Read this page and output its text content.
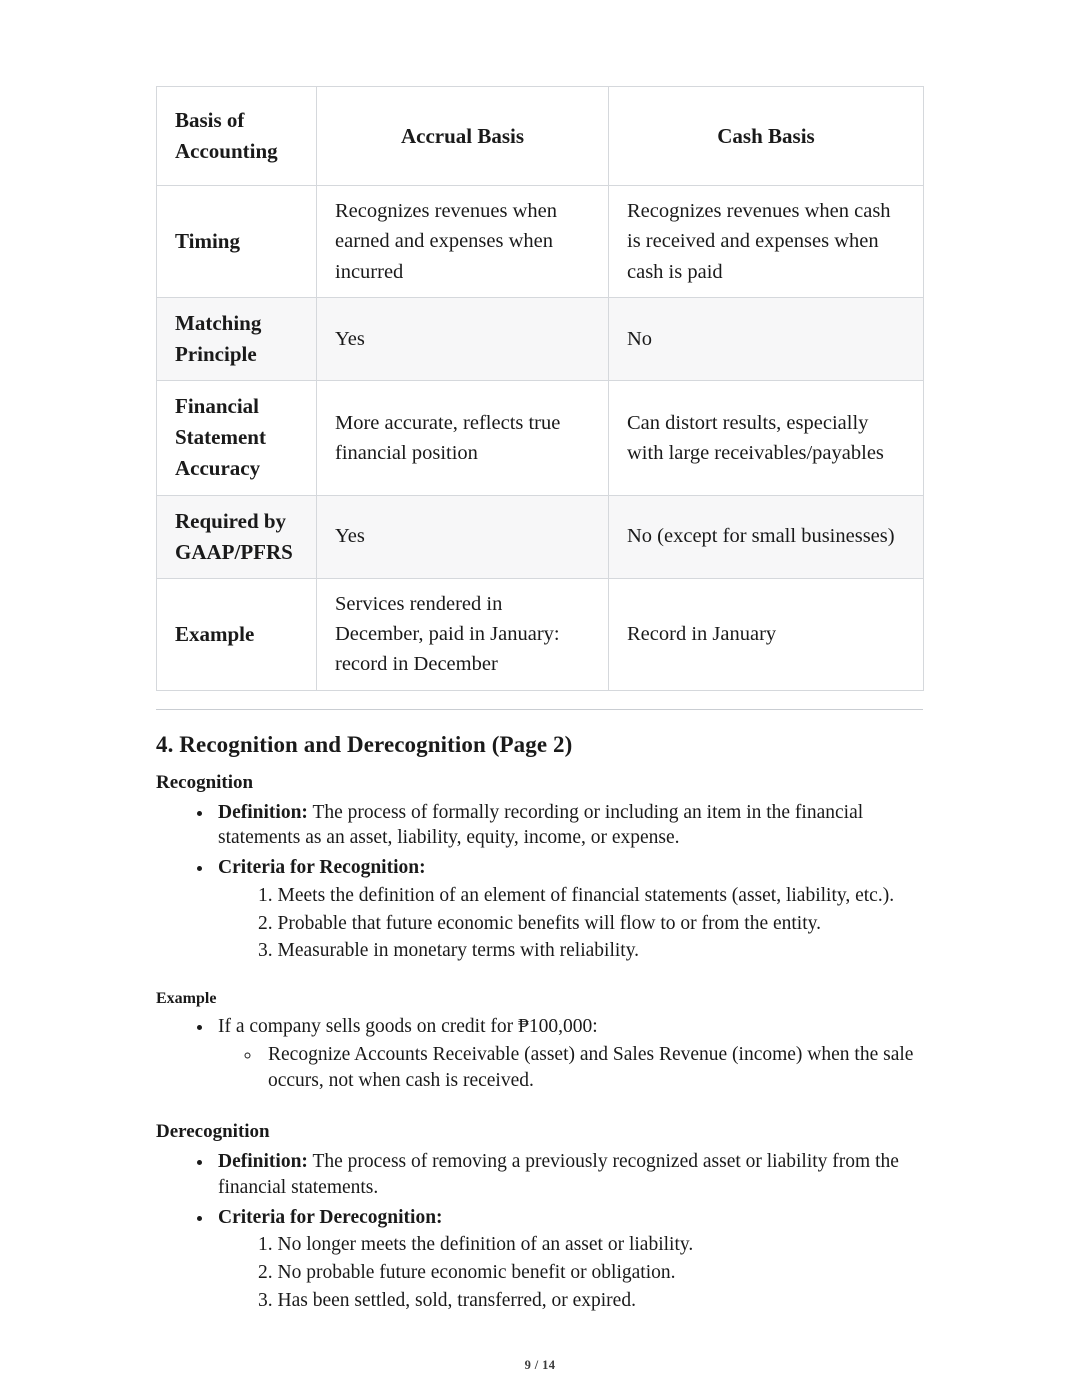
Basis of Accounting	Accrual Basis	Cash Basis
Timing	Recognizes revenues when earned and expenses when incurred	Recognizes revenues when cash is received and expenses when cash is paid
Matching Principle	Yes	No
Financial Statement Accuracy	More accurate, reflects true financial position	Can distort results, especially with large receivables/payables
Required by GAAP/PFRS	Yes	No (except for small businesses)
Example	Services rendered in December, paid in January: record in December	Record in January
4. Recognition and Derecognition (Page 2)
Recognition
• Definition: The process of formally recording or including an item in the financial statements as an asset, liability, equity, income, or expense.
• Criteria for Recognition:
Meets the definition of an element of financial statements (asset, liability, etc.).
Probable that future economic benefits will flow to or from the entity.
Measurable in monetary terms with reliability.
Example
• If a company sells goods on credit for ₱100,000:
◦ Recognize Accounts Receivable (asset) and Sales Revenue (income) when the sale occurs, not when cash is received.
Derecognition
• Definition: The process of removing a previously recognized asset or liability from the financial statements.
• Criteria for Derecognition:
No longer meets the definition of an asset or liability.
No probable future economic benefit or obligation.
Has been settled, sold, transferred, or expired.
9 / 14
